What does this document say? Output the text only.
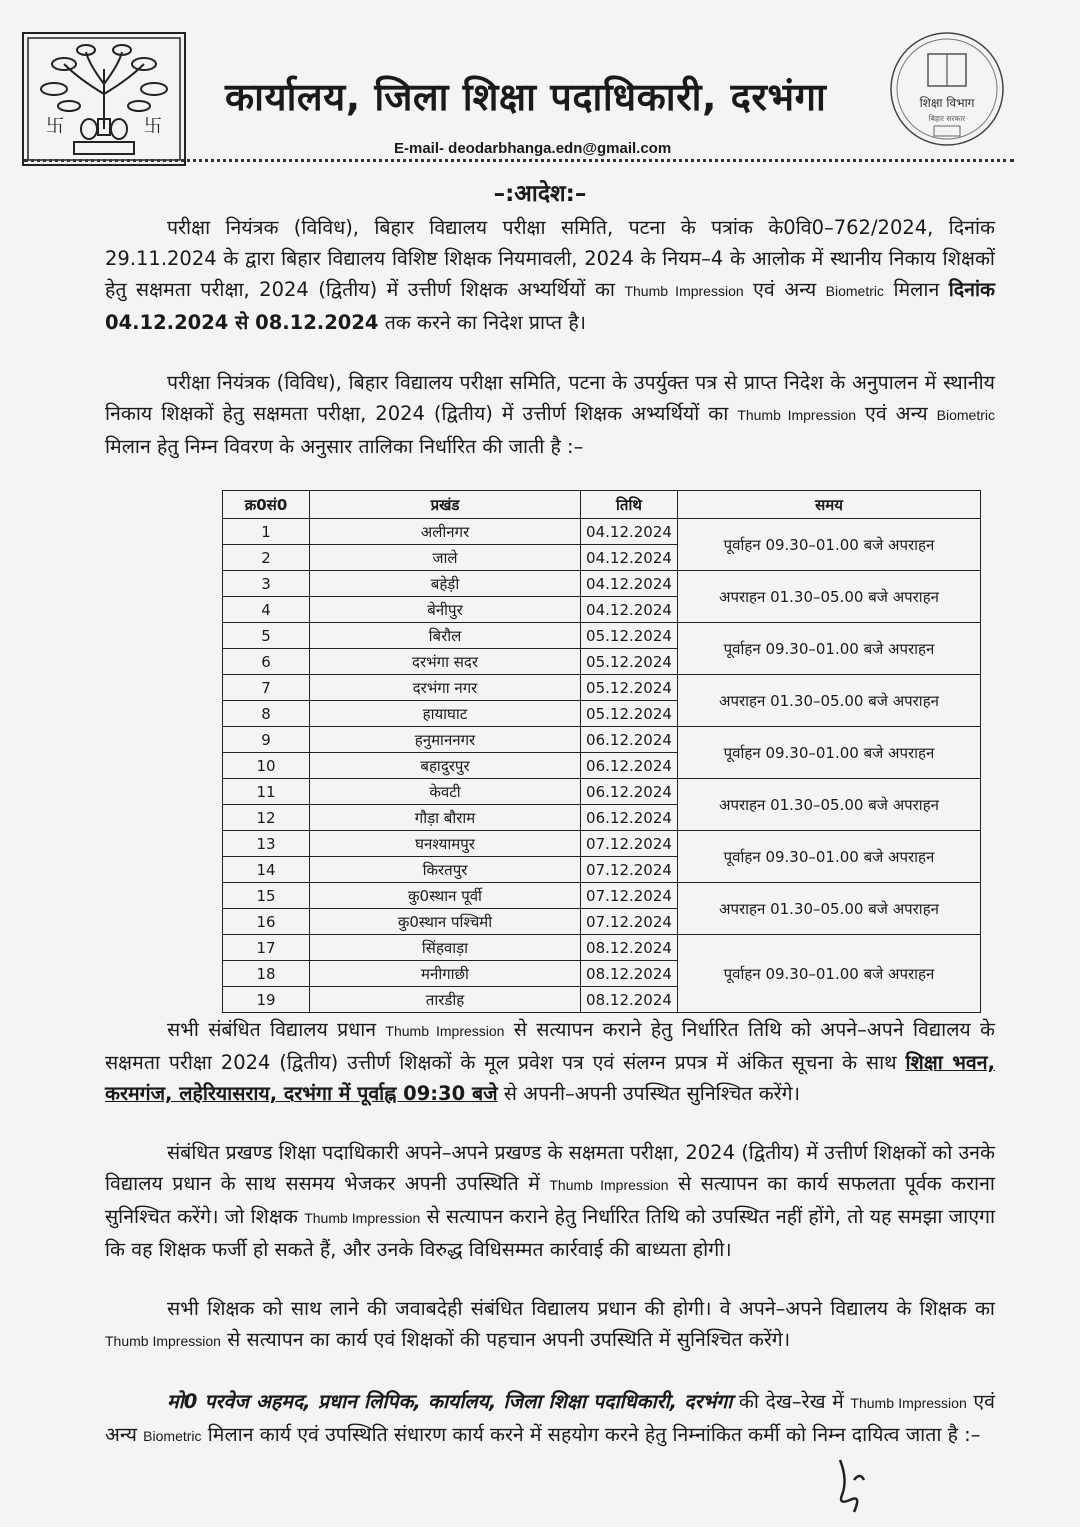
卐	卐
कार्यालय, जिला शिक्षा पदाधिकारी, दरभंगा
E-mail- deodarbhanga.edn@gmail.com
शिक्षा विभाग
बिहार सरकार
–:आदेश:–
परीक्षा नियंत्रक (विविध), बिहार विद्यालय परीक्षा समिति, पटना के पत्रांक के0वि0–762/2024, दिनांक 29.11.2024 के द्वारा बिहार विद्यालय विशिष्ट शिक्षक नियमावली, 2024 के नियम–4 के आलोक में स्थानीय निकाय शिक्षकों हेतु सक्षमता परीक्षा, 2024 (द्वितीय) में उत्तीर्ण शिक्षक अभ्यर्थियों का Thumb Impression एवं अन्य Biometric मिलान दिनांक 04.12.2024 से 08.12.2024 तक करने का निदेश प्राप्त है।
परीक्षा नियंत्रक (विविध), बिहार विद्यालय परीक्षा समिति, पटना के उपर्युक्त पत्र से प्राप्त निदेश के अनुपालन में स्थानीय निकाय शिक्षकों हेतु सक्षमता परीक्षा, 2024 (द्वितीय) में उत्तीर्ण शिक्षक अभ्यर्थियों का Thumb Impression एवं अन्य Biometric मिलान हेतु निम्न विवरण के अनुसार तालिका निर्धारित की जाती है :–
क्र0सं0	प्रखंड	तिथि	समय
1	अलीनगर	04.12.2024	पूर्वाहन 09.30–01.00 बजे अपराहन
2	जाले	04.12.2024	
3	बहेड़ी	04.12.2024	अपराहन 01.30–05.00 बजे अपराहन
4	बेनीपुर	04.12.2024	
5	बिरौल	05.12.2024	पूर्वाहन 09.30–01.00 बजे अपराहन
6	दरभंगा सदर	05.12.2024	
7	दरभंगा नगर	05.12.2024	अपराहन 01.30–05.00 बजे अपराहन
8	हायाघाट	05.12.2024	
9	हनुमाननगर	06.12.2024	पूर्वाहन 09.30–01.00 बजे अपराहन
10	बहादुरपुर	06.12.2024	
11	केवटी	06.12.2024	अपराहन 01.30–05.00 बजे अपराहन
12	गौड़ा बौराम	06.12.2024	
13	घनश्यामपुर	07.12.2024	पूर्वाहन 09.30–01.00 बजे अपराहन
14	किरतपुर	07.12.2024	
15	कु0स्थान पूर्वी	07.12.2024	अपराहन 01.30–05.00 बजे अपराहन
16	कु0स्थान पश्चिमी	07.12.2024	
17	सिंहवाड़ा	08.12.2024	पूर्वाहन 09.30–01.00 बजे अपराहन
18	मनीगाछी	08.12.2024	
19	तारडीह	08.12.2024	
सभी संबंधित विद्यालय प्रधान Thumb Impression से सत्यापन कराने हेतु निर्धारित तिथि को अपने–अपने विद्यालय के सक्षमता परीक्षा 2024 (द्वितीय) उत्तीर्ण शिक्षकों के मूल प्रवेश पत्र एवं संलग्न प्रपत्र में अंकित सूचना के साथ शिक्षा भवन, करमगंज, लहेरियासराय, दरभंगा में पूर्वाह्न 09:30 बजे से अपनी–अपनी उपस्थित सुनिश्चित करेंगे।
संबंधित प्रखण्ड शिक्षा पदाधिकारी अपने–अपने प्रखण्ड के सक्षमता परीक्षा, 2024 (द्वितीय) में उत्तीर्ण शिक्षकों को उनके विद्यालय प्रधान के साथ ससमय भेजकर अपनी उपस्थिति में Thumb Impression से सत्यापन का कार्य सफलता पूर्वक कराना सुनिश्चित करेंगे। जो शिक्षक Thumb Impression से सत्यापन कराने हेतु निर्धारित तिथि को उपस्थित नहीं होंगे, तो यह समझा जाएगा कि वह शिक्षक फर्जी हो सकते हैं, और उनके विरुद्ध विधिसम्मत कार्रवाई की बाध्यता होगी।
सभी शिक्षक को साथ लाने की जवाबदेही संबंधित विद्यालय प्रधान की होगी। वे अपने–अपने विद्यालय के शिक्षक का Thumb Impression से सत्यापन का कार्य एवं शिक्षकों की पहचान अपनी उपस्थिति में सुनिश्चित करेंगे।
मो0 परवेज अहमद, प्रधान लिपिक, कार्यालय, जिला शिक्षा पदाधिकारी, दरभंगा की देख–रेख में Thumb Impression एवं अन्य Biometric मिलान कार्य एवं उपस्थिति संधारण कार्य करने में सहयोग करने हेतु निम्नांकित कर्मी को निम्न दायित्व जाता है :–
